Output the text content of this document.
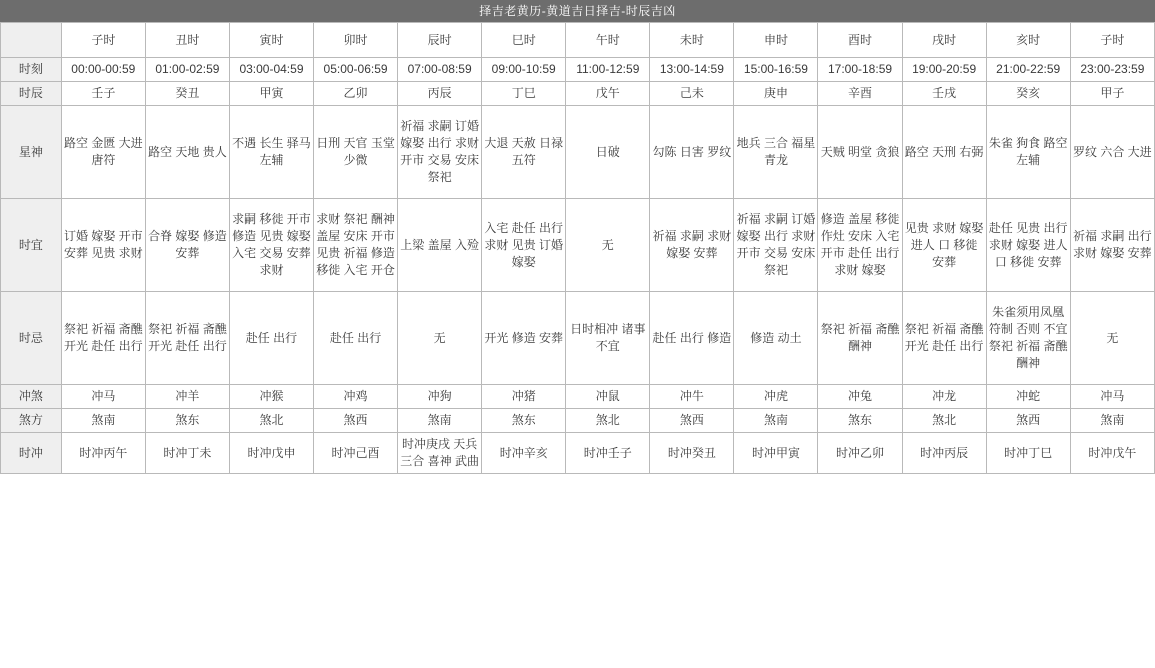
择吉老黄历-黄道吉日择吉-时辰吉凶
	子时	丑时	寅时	卯时	辰时	巳时	午时	未时	申时	酉时	戌时	亥时	子时
时刻	00:00-00:59	01:00-02:59	03:00-04:59	05:00-06:59	07:00-08:59	09:00-10:59	11:00-12:59	13:00-14:59	15:00-16:59	17:00-18:59	19:00-20:59	21:00-22:59	23:00-23:59
时辰	壬子	癸丑	甲寅	乙卯	丙辰	丁巳	戊午	己未	庚申	辛酉	壬戌	癸亥	甲子
星神	路空 金匮 大进 唐符	路空 天地 贵人	不遇 长生 驿马 左辅	日刑 天官 玉堂 少微	祈福 求嗣 订婚 嫁娶 出行 求财 开市 交易 安床 祭祀	大退 天赦 日禄 五符	日破	勾陈 日害 罗纹	地兵 三合 福星 青龙	天贼 明堂 贪狼	路空 天刑 右弼	朱雀 狗食 路空 左辅	罗纹 六合 大进
时宜	订婚 嫁娶 开市 安葬 见贵 求财	合脊 嫁娶 修造 安葬	求嗣 移徙 开市 修造 见贵 嫁娶 入宅 交易 安葬 求财	求财 祭祀 酬神 盖屋 安床 开市 见贵 祈福 修造 移徙 入宅 开仓	上梁 盖屋 入殓	入宅 赴任 出行 求财 见贵 订婚 嫁娶	无	祈福 求嗣 求财 嫁娶 安葬	祈福 求嗣 订婚 嫁娶 出行 求财 开市 交易 安床 祭祀	修造 盖屋 移徙 作灶 安床 入宅 开市 赴任 出行 求财 嫁娶	见贵 求财 嫁娶 进人 口 移徙 安葬	赴任 见贵 出行 求财 嫁娶 进人 口 移徙 安葬	祈福 求嗣 出行 求财 嫁娶 安葬
时忌	祭祀 祈福 斋醮 开光 赴任 出行	祭祀 祈福 斋醮 开光 赴任 出行	赴任 出行	赴任 出行	无	开光 修造 安葬	日时相冲 诸事不宜	赴任 出行 修造	修造 动土	祭祀 祈福 斋醮 酬神	祭祀 祈福 斋醮 开光 赴任 出行	朱雀须用凤凰符制 否则 不宜 祭祀 祈福 斋醮 酬神	无
冲煞	冲马	冲羊	冲猴	冲鸡	冲狗	冲猪	冲鼠	冲牛	冲虎	冲兔	冲龙	冲蛇	冲马
煞方	煞南	煞东	煞北	煞西	煞南	煞东	煞北	煞西	煞南	煞东	煞北	煞西	煞南
时冲	时冲丙午	时冲丁未	时冲戊申	时冲己酉	时冲庚戌 天兵 三合 喜神 武曲	时冲辛亥	时冲壬子	时冲癸丑	时冲甲寅	时冲乙卯	时冲丙辰	时冲丁巳	时冲戊午
